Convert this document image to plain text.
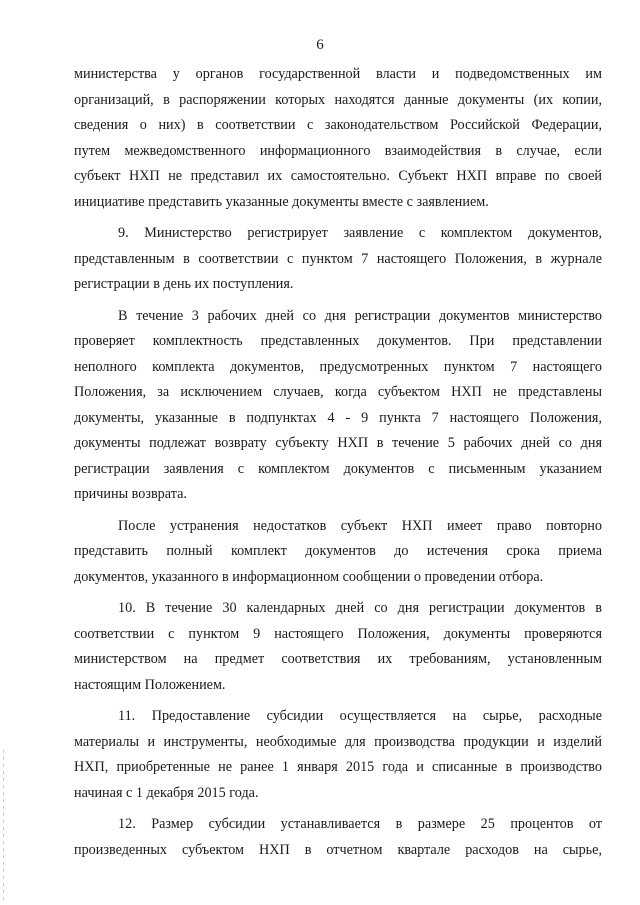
6
министерства у органов государственной власти и подведомственных им
организаций, в распоряжении которых находятся данные документы (их копии,
сведения о них) в соответствии с законодательством Российской Федерации,
путем межведомственного информационного взаимодействия в случае, если
субъект НХП не представил их самостоятельно. Субъект НХП вправе по своей
инициативе представить указанные документы вместе с заявлением.
9. Министерство регистрирует заявление с комплектом документов,
представленным в соответствии с пунктом 7 настоящего Положения, в журнале
регистрации в день их поступления.
В течение 3 рабочих дней со дня регистрации документов министерство
проверяет комплектность представленных документов. При представлении
неполного комплекта документов, предусмотренных пунктом 7 настоящего
Положения, за исключением случаев, когда субъектом НХП не представлены
документы, указанные в подпунктах 4 - 9 пункта 7 настоящего Положения,
документы подлежат возврату субъекту НХП в течение 5 рабочих дней со дня
регистрации заявления с комплектом документов с письменным указанием
причины возврата.
После устранения недостатков субъект НХП имеет право повторно
представить полный комплект документов до истечения срока приема
документов, указанного в информационном сообщении о проведении отбора.
10. В течение 30 календарных дней со дня регистрации документов в
соответствии с пунктом 9 настоящего Положения, документы проверяются
министерством на предмет соответствия их требованиям, установленным
настоящим Положением.
11. Предоставление субсидии осуществляется на сырье, расходные
материалы и инструменты, необходимые для производства продукции и изделий
НХП, приобретенные не ранее 1 января 2015 года и списанные в производство
начиная с 1 декабря 2015 года.
12. Размер субсидии устанавливается в размере 25 процентов от
произведенных субъектом НХП в отчетном квартале расходов на сырье,
